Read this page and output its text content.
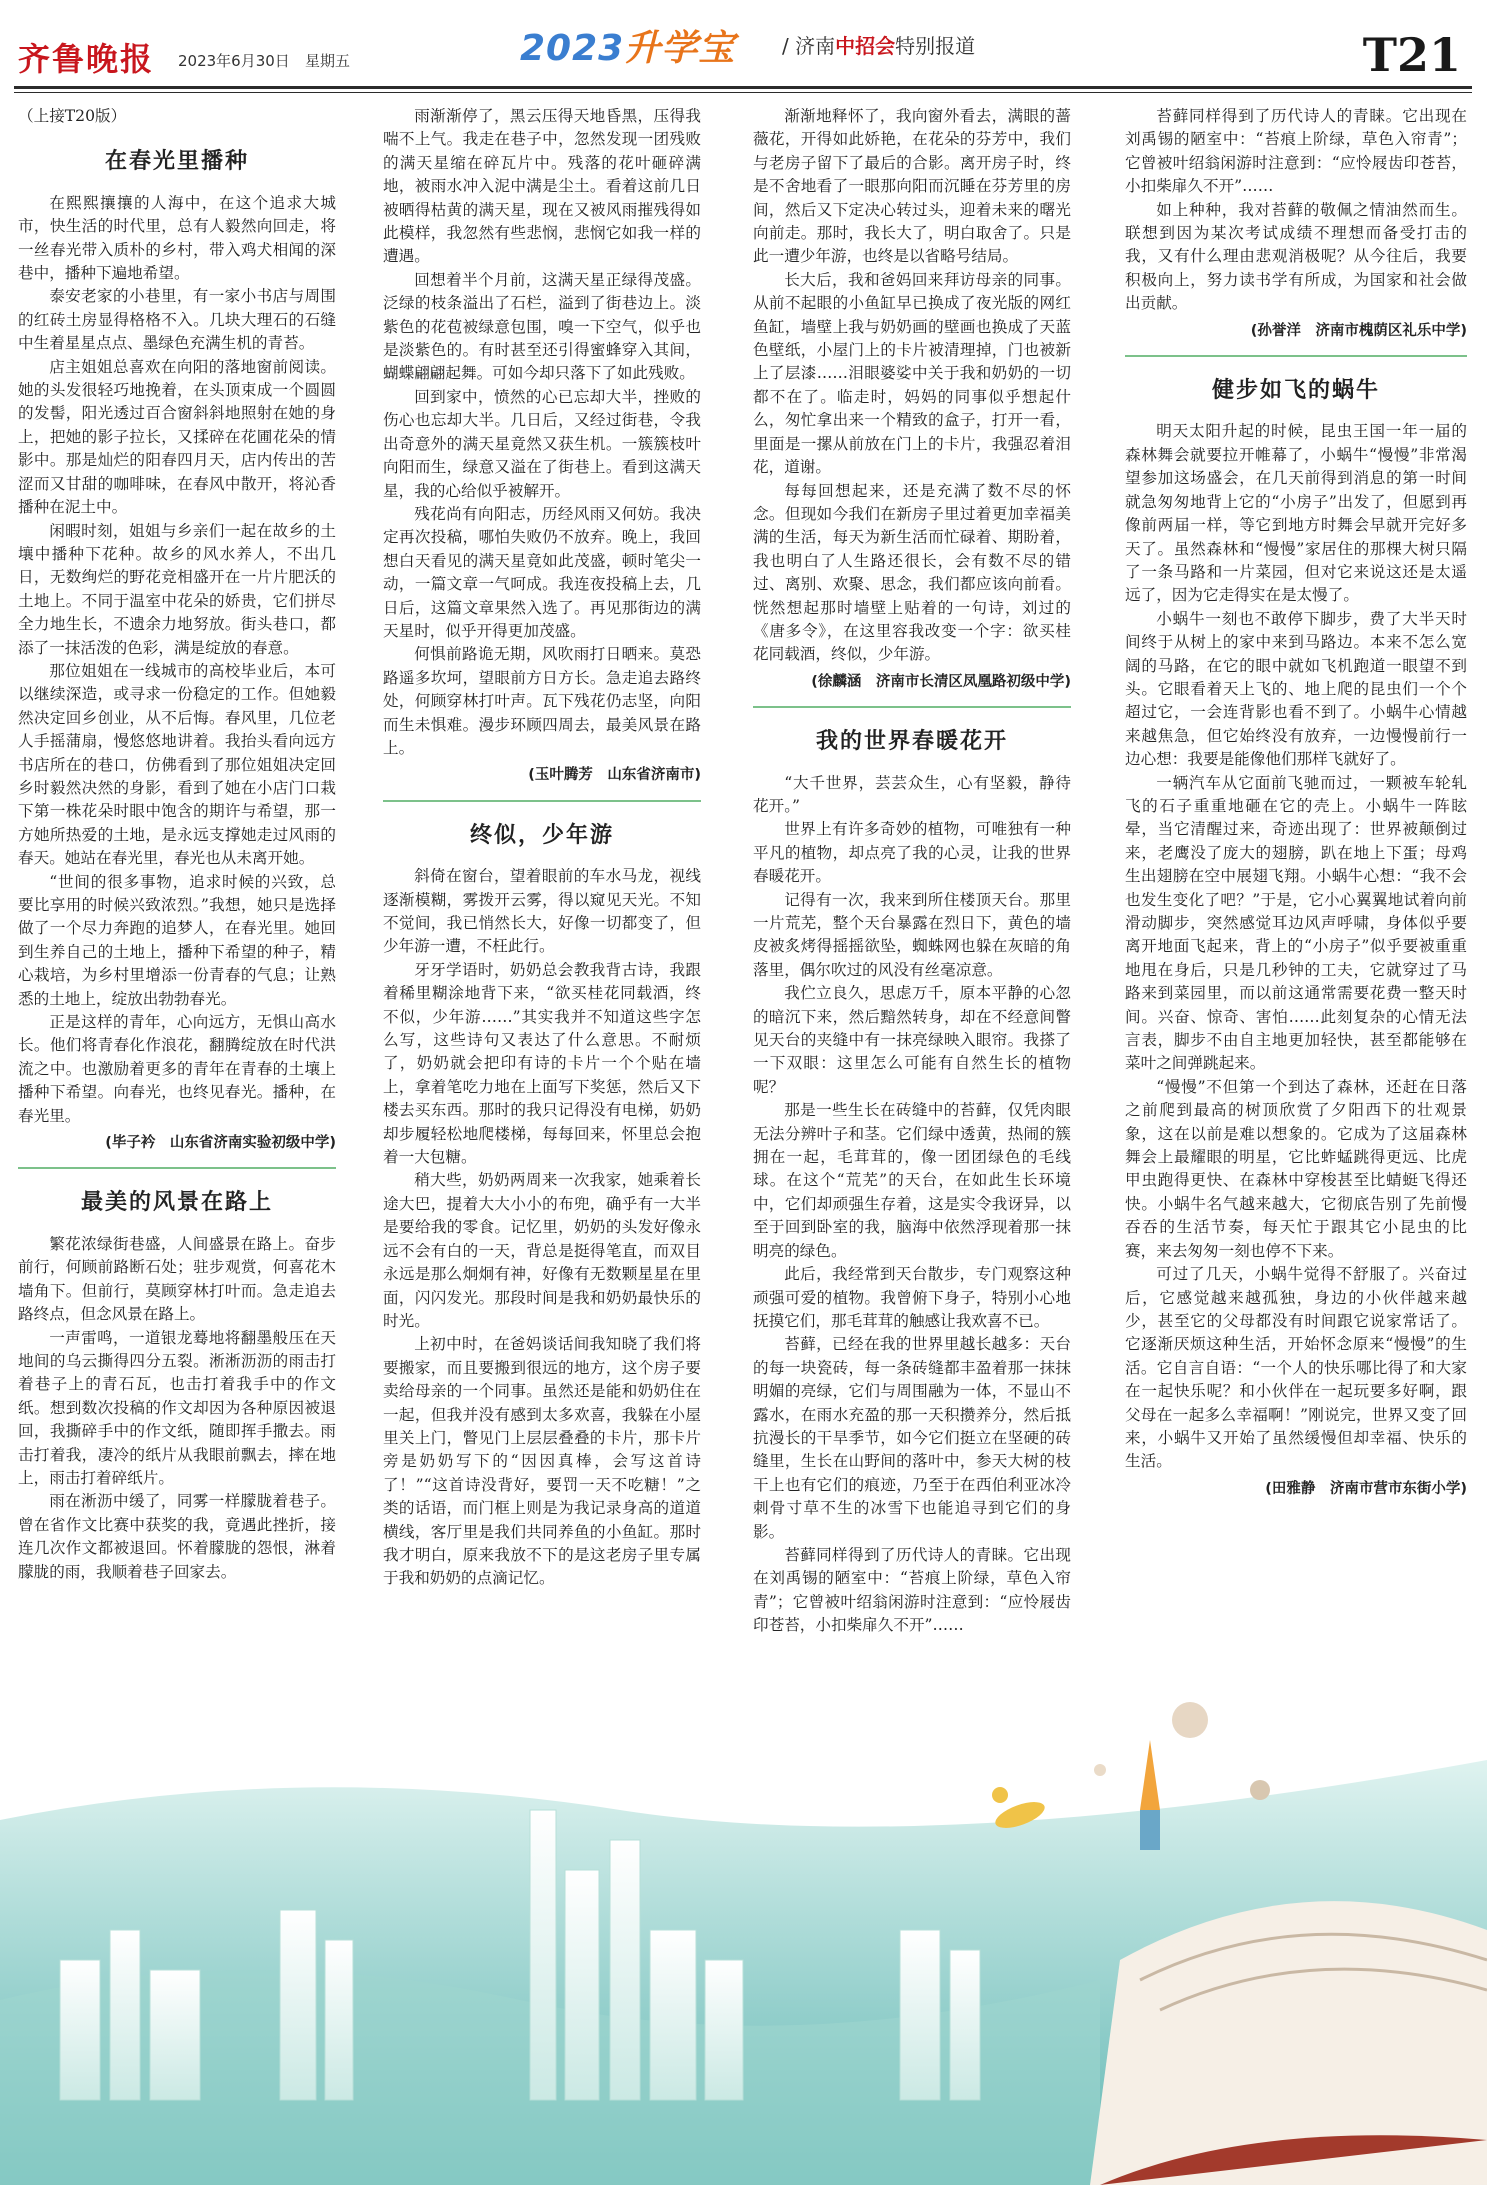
齐鲁晚报 2023年6月30日 星期五	2023升学宝 / 济南中招会特别报道	T21

（上接T20版）

在春光里播种

在熙熙攘攘的人海中，在这个追求大城市，快生活的时代里，总有人毅然向回走，将一丝春光带入质朴的乡村，带入鸡犬相闻的深巷中，播种下遍地希望。

泰安老家的小巷里，有一家小书店与周围的红砖土房显得格格不入。几块大理石的石缝中生着星星点点、墨绿色充满生机的青苔。

店主姐姐总喜欢在向阳的落地窗前阅读。她的头发很轻巧地挽着，在头顶束成一个圆圆的发髻，阳光透过百合窗斜斜地照射在她的身上，把她的影子拉长，又揉碎在花圃花朵的情影中。那是灿烂的阳春四月天，店内传出的苦涩而又甘甜的咖啡味，在春风中散开，将沁香播种在泥土中。

闲暇时刻，姐姐与乡亲们一起在故乡的土壤中播种下花种。故乡的风水养人，不出几日，无数绚烂的野花竞相盛开在一片片肥沃的土地上。不同于温室中花朵的娇贵，它们拼尽全力地生长，不遗余力地努放。街头巷口，都添了一抹活泼的色彩，满是绽放的春意。

那位姐姐在一线城市的高校毕业后，本可以继续深造，或寻求一份稳定的工作。但她毅然决定回乡创业，从不后悔。春风里，几位老人手摇蒲扇，慢悠悠地讲着。我抬头看向远方书店所在的巷口，仿佛看到了那位姐姐决定回乡时毅然决然的身影，看到了她在小店门口栽下第一株花朵时眼中饱含的期许与希望，那一方她所热爱的土地，是永远支撑她走过风雨的春天。她站在春光里，春光也从未离开她。

“世间的很多事物，追求时候的兴致，总要比享用的时候兴致浓烈。”我想，她只是选择做了一个尽力奔跑的追梦人，在春光里。她回到生养自己的土地上，播种下希望的种子，精心栽培，为乡村里增添一份青春的气息；让熟悉的土地上，绽放出勃勃春光。

正是这样的青年，心向远方，无惧山高水长。他们将青春化作浪花，翻腾绽放在时代洪流之中。也激励着更多的青年在青春的土壤上播种下希望。向春光，也终见春光。播种，在春光里。

(毕子衿　山东省济南实验初级中学)

最美的风景在路上

繁花浓绿街巷盛，人间盛景在路上。奋步前行，何顾前路断石处；驻步观赏，何喜花木墙角下。但前行，莫顾穿林打叶而。急走追去路终点，但念风景在路上。

一声雷鸣，一道银龙蓦地将翻墨般压在天地间的乌云撕得四分五裂。淅淅沥沥的雨击打着巷子上的青石瓦，也击打着我手中的作文纸。想到数次投稿的作文却因为各种原因被退回，我撕碎手中的作文纸，随即挥手撒去。雨击打着我，凄冷的纸片从我眼前飘去，摔在地上，雨击打着碎纸片。

雨在淅沥中缓了，同雾一样朦胧着巷子。曾在省作文比赛中获奖的我，竟遇此挫折，接连几次作文都被退回。怀着朦胧的怨恨，淋着朦胧的雨，我顺着巷子回家去。

雨渐渐停了，黑云压得天地昏黑，压得我喘不上气。我走在巷子中，忽然发现一团残败的满天星缩在碎瓦片中。残落的花叶砸碎满地，被雨水冲入泥中满是尘土。看着这前几日被晒得枯黄的满天星，现在又被风雨摧残得如此模样，我忽然有些悲悯，悲悯它如我一样的遭遇。

回想着半个月前，这满天星正绿得茂盛。泛绿的枝条溢出了石栏，溢到了街巷边上。淡紫色的花苞被绿意包围，嗅一下空气，似乎也是淡紫色的。有时甚至还引得蜜蜂穿入其间，蝴蝶翩翩起舞。可如今却只落下了如此残败。

回到家中，愤然的心已忘却大半，挫败的伤心也忘却大半。几日后，又经过街巷，令我出奇意外的满天星竟然又获生机。一簇簇枝叶向阳而生，绿意又溢在了街巷上。看到这满天星，我的心给似乎被解开。

残花尚有向阳志，历经风雨又何妨。我决定再次投稿，哪怕失败仍不放弃。晚上，我回想白天看见的满天星竟如此茂盛，顿时笔尖一动，一篇文章一气呵成。我连夜投稿上去，几日后，这篇文章果然入选了。再见那街边的满天星时，似乎开得更加茂盛。

何惧前路诡无期，风吹雨打日晒来。莫恐路遥多坎坷，望眼前方日方长。急走追去路终处，何顾穿林打叶声。瓦下残花仍志坚，向阳而生未惧难。漫步环顾四周去，最美风景在路上。

(玉叶腾芳　山东省济南市)

终似，少年游

斜倚在窗台，望着眼前的车水马龙，视线逐渐模糊，雾拨开云雾，得以窥见天光。不知不觉间，我已悄然长大，好像一切都变了，但少年游一遭，不枉此行。

牙牙学语时，奶奶总会教我背古诗，我跟着稀里糊涂地背下来，“欲买桂花同载酒，终不似，少年游……”其实我并不知道这些字怎么写，这些诗句又表达了什么意思。不耐烦了，奶奶就会把印有诗的卡片一个个贴在墙上，拿着笔吃力地在上面写下奖惩，然后又下楼去买东西。那时的我只记得没有电梯，奶奶却步履轻松地爬楼梯，每每回来，怀里总会抱着一大包糖。

稍大些，奶奶两周来一次我家，她乘着长途大巴，提着大大小小的布兜，确乎有一大半是要给我的零食。记忆里，奶奶的头发好像永远不会有白的一天，背总是挺得笔直，而双目永远是那么炯炯有神，好像有无数颗星星在里面，闪闪发光。那段时间是我和奶奶最快乐的时光。

上初中时，在爸妈谈话间我知晓了我们将要搬家，而且要搬到很远的地方，这个房子要卖给母亲的一个同事。虽然还是能和奶奶住在一起，但我并没有感到太多欢喜，我躲在小屋里关上门，瞥见门上层层叠叠的卡片，那卡片旁是奶奶写下的“因因真棒，会写这首诗了！”“这首诗没背好，要罚一天不吃糖！”之类的话语，而门框上则是为我记录身高的道道横线，客厅里是我们共同养鱼的小鱼缸。那时我才明白，原来我放不下的是这老房子里专属于我和奶奶的点滴记忆。

渐渐地释怀了，我向窗外看去，满眼的蔷薇花，开得如此娇艳，在花朵的芬芳中，我们与老房子留下了最后的合影。离开房子时，终是不舍地看了一眼那向阳而沉睡在芬芳里的房间，然后又下定决心转过头，迎着未来的曙光向前走。那时，我长大了，明白取舍了。只是此一遭少年游，也终是以省略号结局。

长大后，我和爸妈回来拜访母亲的同事。从前不起眼的小鱼缸早已换成了夜光版的网红鱼缸，墙壁上我与奶奶画的壁画也换成了天蓝色壁纸，小屋门上的卡片被清理掉，门也被新上了层漆……泪眼婆娑中关于我和奶奶的一切都不在了。临走时，妈妈的同事似乎想起什么，匆忙拿出来一个精致的盒子，打开一看，里面是一摞从前放在门上的卡片，我强忍着泪花，道谢。

每每回想起来，还是充满了数不尽的怀念。但现如今我们在新房子里过着更加幸福美满的生活，每天为新生活而忙碌着、期盼着，我也明白了人生路还很长，会有数不尽的错过、离别、欢聚、思念，我们都应该向前看。恍然想起那时墙壁上贴着的一句诗，刘过的《唐多令》，在这里容我改变一个字：欲买桂花同载酒，终似，少年游。

(徐麟涵　济南市长清区凤凰路初级中学)

我的世界春暖花开

“大千世界，芸芸众生，心有坚毅，静待花开。”

世界上有许多奇妙的植物，可唯独有一种平凡的植物，却点亮了我的心灵，让我的世界春暖花开。

记得有一次，我来到所住楼顶天台。那里一片荒芜，整个天台暴露在烈日下，黄色的墙皮被炙烤得摇摇欲坠，蜘蛛网也躲在灰暗的角落里，偶尔吹过的风没有丝毫凉意。

我伫立良久，思虑万千，原本平静的心忽的暗沉下来，然后黯然转身，却在不经意间瞥见天台的夹缝中有一抹亮绿映入眼帘。我搽了一下双眼：这里怎么可能有自然生长的植物呢？

那是一些生长在砖缝中的苔藓，仅凭肉眼无法分辨叶子和茎。它们绿中透黄，热闹的簇拥在一起，毛茸茸的，像一团团绿色的毛线球。在这个“荒芜”的天台，在如此生长环境中，它们却顽强生存着，这是实令我讶异，以至于回到卧室的我，脑海中依然浮现着那一抹明亮的绿色。

此后，我经常到天台散步，专门观察这种顽强可爱的植物。我曾俯下身子，特别小心地抚摸它们，那毛茸茸的触感让我欢喜不已。

苔藓，已经在我的世界里越长越多：天台的每一块瓷砖，每一条砖缝都丰盈着那一抹抹明媚的亮绿，它们与周围融为一体，不显山不露水，在雨水充盈的那一天积攒养分，然后抵抗漫长的干旱季节，如今它们挺立在坚硬的砖缝里，生长在山野间的落叶中，参天大树的枝干上也有它们的痕迹，乃至于在西伯利亚冰冷刺骨寸草不生的冰雪下也能追寻到它们的身影。

苔藓同样得到了历代诗人的青睐。它出现在刘禹锡的陋室中：“苔痕上阶绿，草色入帘青”；它曾被叶绍翁闲游时注意到：“应怜屐齿印苍苔，小扣柴扉久不开”……

苔藓同样得到了历代诗人的青睐。它出现在刘禹锡的陋室中：“苔痕上阶绿，草色入帘青”；它曾被叶绍翁闲游时注意到：“应怜屐齿印苍苔，小扣柴扉久不开”……

如上种种，我对苔藓的敬佩之情油然而生。联想到因为某次考试成绩不理想而备受打击的我，又有什么理由悲观消极呢？从今往后，我要积极向上，努力读书学有所成，为国家和社会做出贡献。

(孙誉洋　济南市槐荫区礼乐中学)

健步如飞的蜗牛

明天太阳升起的时候，昆虫王国一年一届的森林舞会就要拉开帷幕了，小蜗牛“慢慢”非常渴望参加这场盛会，在几天前得到消息的第一时间就急匆匆地背上它的“小房子”出发了，但愿到再像前两届一样，等它到地方时舞会早就开完好多天了。虽然森林和“慢慢”家居住的那棵大树只隔了一条马路和一片菜园，但对它来说这还是太遥远了，因为它走得实在是太慢了。

小蜗牛一刻也不敢停下脚步，费了大半天时间终于从树上的家中来到马路边。本来不怎么宽阔的马路，在它的眼中就如飞机跑道一眼望不到头。它眼看着天上飞的、地上爬的昆虫们一个个超过它，一会连背影也看不到了。小蜗牛心情越来越焦急，但它始终没有放弃，一边慢慢前行一边心想：我要是能像他们那样飞就好了。

一辆汽车从它面前飞驰而过，一颗被车轮轧飞的石子重重地砸在它的壳上。小蜗牛一阵眩晕，当它清醒过来，奇迹出现了：世界被颠倒过来，老鹰没了庞大的翅膀，趴在地上下蛋；母鸡生出翅膀在空中展翅飞翔。小蜗牛心想：“我不会也发生变化了吧？”于是，它小心翼翼地试着向前滑动脚步，突然感觉耳边风声呼啸，身体似乎要离开地面飞起来，背上的“小房子”似乎要被重重地甩在身后，只是几秒钟的工夫，它就穿过了马路来到菜园里，而以前这通常需要花费一整天时间。兴奋、惊奇、害怕……此刻复杂的心情无法言表，脚步不由自主地更加轻快，甚至都能够在菜叶之间弹跳起来。

“慢慢”不但第一个到达了森林，还赶在日落之前爬到最高的树顶欣赏了夕阳西下的壮观景象，这在以前是难以想象的。它成为了这届森林舞会上最耀眼的明星，它比蚱蜢跳得更远、比虎甲虫跑得更快、在森林中穿梭甚至比蜻蜓飞得还快。小蜗牛名气越来越大，它彻底告别了先前慢吞吞的生活节奏，每天忙于跟其它小昆虫的比赛，来去匆匆一刻也停不下来。

可过了几天，小蜗牛觉得不舒服了。兴奋过后，它感觉越来越孤独，身边的小伙伴越来越少，甚至它的父母都没有时间跟它说家常话了。它逐渐厌烦这种生活，开始怀念原来“慢慢”的生活。它自言自语：“一个人的快乐哪比得了和大家在一起快乐呢？和小伙伴在一起玩要多好啊，跟父母在一起多么幸福啊！”刚说完，世界又变了回来，小蜗牛又开始了虽然缓慢但却幸福、快乐的生活。

(田雅静　济南市营市东街小学)
